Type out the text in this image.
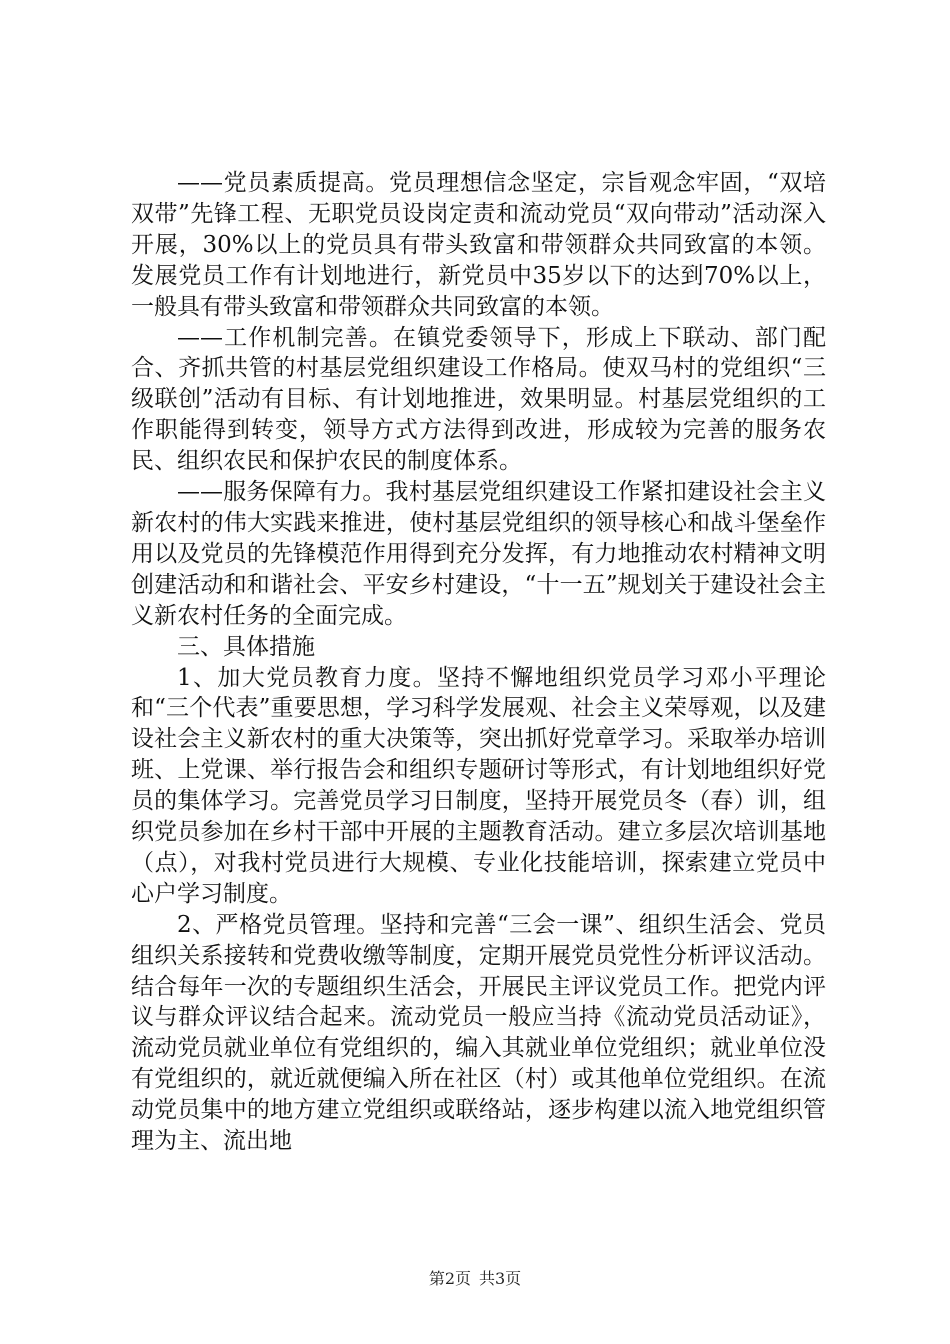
——党员素质提高。党员理想信念坚定，宗旨观念牢固，“双培双带”先锋工程、无职党员设岗定责和流动党员“双向带动”活动深入开展，30%以上的党员具有带头致富和带领群众共同致富的本领。发展党员工作有计划地进行，新党员中35岁以下的达到70%以上，一般具有带头致富和带领群众共同致富的本领。

——工作机制完善。在镇党委领导下，形成上下联动、部门配合、齐抓共管的村基层党组织建设工作格局。使双马村的党组织“三级联创”活动有目标、有计划地推进，效果明显。村基层党组织的工作职能得到转变，领导方式方法得到改进，形成较为完善的服务农民、组织农民和保护农民的制度体系。

——服务保障有力。我村基层党组织建设工作紧扣建设社会主义新农村的伟大实践来推进，使村基层党组织的领导核心和战斗堡垒作用以及党员的先锋模范作用得到充分发挥，有力地推动农村精神文明创建活动和和谐社会、平安乡村建设，“十一五”规划关于建设社会主义新农村任务的全面完成。

三、具体措施

1、加大党员教育力度。坚持不懈地组织党员学习邓小平理论和“三个代表”重要思想，学习科学发展观、社会主义荣辱观，以及建设社会主义新农村的重大决策等，突出抓好党章学习。采取举办培训班、上党课、举行报告会和组织专题研讨等形式，有计划地组织好党员的集体学习。完善党员学习日制度，坚持开展党员冬（春）训，组织党员参加在乡村干部中开展的主题教育活动。建立多层次培训基地（点），对我村党员进行大规模、专业化技能培训，探索建立党员中心户学习制度。

2、严格党员管理。坚持和完善“三会一课”、组织生活会、党员组织关系接转和党费收缴等制度，定期开展党员党性分析评议活动。结合每年一次的专题组织生活会，开展民主评议党员工作。把党内评议与群众评议结合起来。流动党员一般应当持《流动党员活动证》，流动党员就业单位有党组织的，编入其就业单位党组织；就业单位没有党组织的，就近就便编入所在社区（村）或其他单位党组织。在流动党员集中的地方建立党组织或联络站，逐步构建以流入地党组织管理为主、流出地

第2页 共3页
